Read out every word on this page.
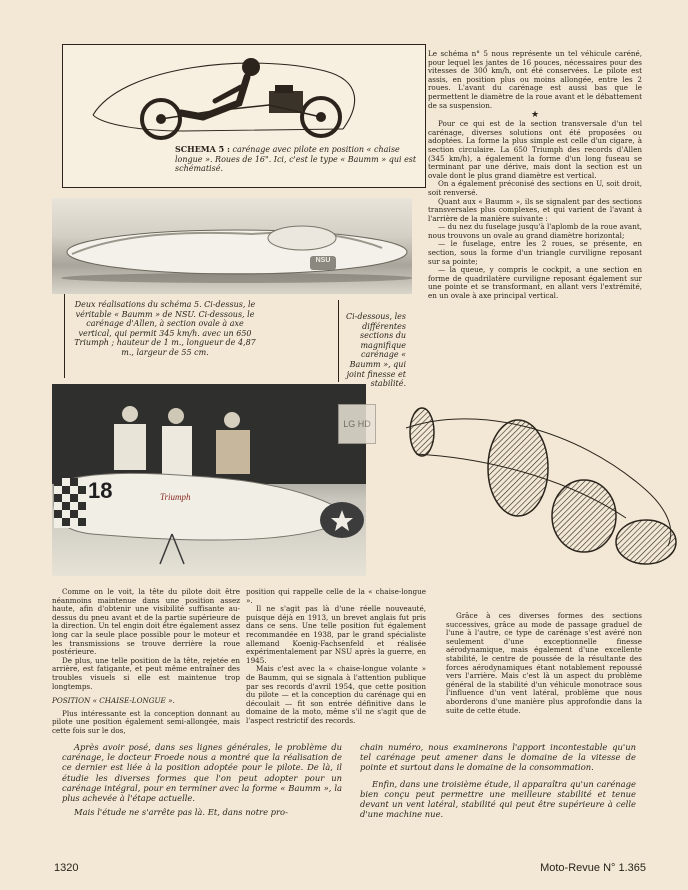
SCHEMA 5 : carénage avec pilote en position « chaise longue ». Roues de 16". Ici, c'est le type « Baumm » qui est schématisé.
NSU
Deux réalisations du schéma 5. Ci-dessus, le véritable « Baumm » de NSU. Ci-dessous, le carénage d'Allen, à section ovale à axe vertical, qui permit 345 km/h. avec un 650 Triumph ; hauteur de 1 m., longueur de 4,87 m., largeur de 55 cm.
Ci-dessous, les différentes sections du magnifique carénage « Baumm », qui joint finesse et stabilité.

Le schéma n° 5 nous représente un tel véhicule caréné, pour lequel les jantes de 16 pouces, nécessaires pour des vitesses de 300 km/h, ont été conservées. Le pilote est assis, en position plus ou moins allongée, entre les 2 roues. L'avant du carénage est aussi bas que le permettent le diamètre de la roue avant et le débattement de sa suspension.

★

Pour ce qui est de la section transversale d'un tel carénage, diverses solutions ont été proposées ou adoptées. La forme la plus simple est celle d'un cigare, à section circulaire. La 650 Triumph des records d'Allen (345 km/h), a également la forme d'un long fuseau se terminant par une dérive, mais dont la section est un ovale dont le plus grand diamètre est vertical.

On a également préconisé des sections en U, soit droit, soit renversé.

Quant aux « Baumm », ils se signalent par des sections transversales plus complexes, et qui varient de l'avant à l'arrière de la manière suivante :

— du nez du fuselage jusqu'à l'aplomb de la roue avant, nous trouvons un ovale au grand diamètre horizontal;

— le fuselage, entre les 2 roues, se présente, en section, sous la forme d'un triangle curviligne reposant sur sa pointe;

— la queue, y compris le cockpit, a une section en forme de quadrilatère curviligne reposant également sur une pointe et se transformant, en allant vers l'extrémité, en un ovale à axe principal vertical.

18	Triumph
LG HD

Comme on le voit, la tête du pilote doit être néanmoins maintenue dans une position assez haute, afin d'obtenir une visibilité suffisante au-dessus du pneu avant et de la partie supérieure de la direction. Un tel engin doit être également assez long car la seule place possible pour le moteur et les transmissions se trouve derrière la roue postérieure.

De plus, une telle position de la tête, rejetée en arrière, est fatigante, et peut même entraîner des troubles visuels si elle est maintenue trop longtemps.

POSITION « CHAISE-LONGUE ».

Plus intéressante est la conception donnant au pilote une position également semi-allongée, mais cette fois sur le dos,

position qui rappelle celle de la « chaise-longue ».

Il ne s'agit pas là d'une réelle nouveauté, puisque déjà en 1913, un brevet anglais fut pris dans ce sens. Une telle position fut également recommandée en 1938, par le grand spécialiste allemand Koenig-Fachsenfeld et réalisée expérimentalement par NSU après la guerre, en 1945.

Mais c'est avec la « chaise-longue volante » de Baumm, qui se signala à l'attention publique par ses records d'avril 1954, que cette position du pilote — et la conception du carénage qui en découlait — fit son entrée définitive dans le domaine de la moto, même s'il ne s'agit que de l'aspect restrictif des records.

Grâce à ces diverses formes des sections successives, grâce au mode de passage graduel de l'une à l'autre, ce type de carénage s'est avéré non seulement d'une exceptionnelle finesse aérodynamique, mais également d'une excellente stabilité, le centre de poussée de la résultante des forces aérodynamiques étant notablement repoussé vers l'arrière. Mais c'est là un aspect du problème général de la stabilité d'un véhicule monotrace sous l'influence d'un vent latéral, problème que nous aborderons d'une manière plus approfondie dans la suite de cette étude.

Après avoir posé, dans ses lignes générales, le problème du carénage, le docteur Froede nous a montré que la réalisation de ce dernier est liée à la position adoptée pour le pilote. De là, il étudie les diverses formes que l'on peut adopter pour un carénage intégral, pour en terminer avec la forme « Baumm », la plus achevée à l'étape actuelle.

Mais l'étude ne s'arrête pas là. Et, dans notre pro-

chain numéro, nous examinerons l'apport incontestable qu'un tel carénage peut amener dans le domaine de la vitesse de pointe et surtout dans le domaine de la consommation.

Enfin, dans une troisième étude, il apparaîtra qu'un carénage bien conçu peut permettre une meilleure stabilité et tenue devant un vent latéral, stabilité qui peut être supérieure à celle d'une machine nue.

1320	Moto-Revue N° 1.365
